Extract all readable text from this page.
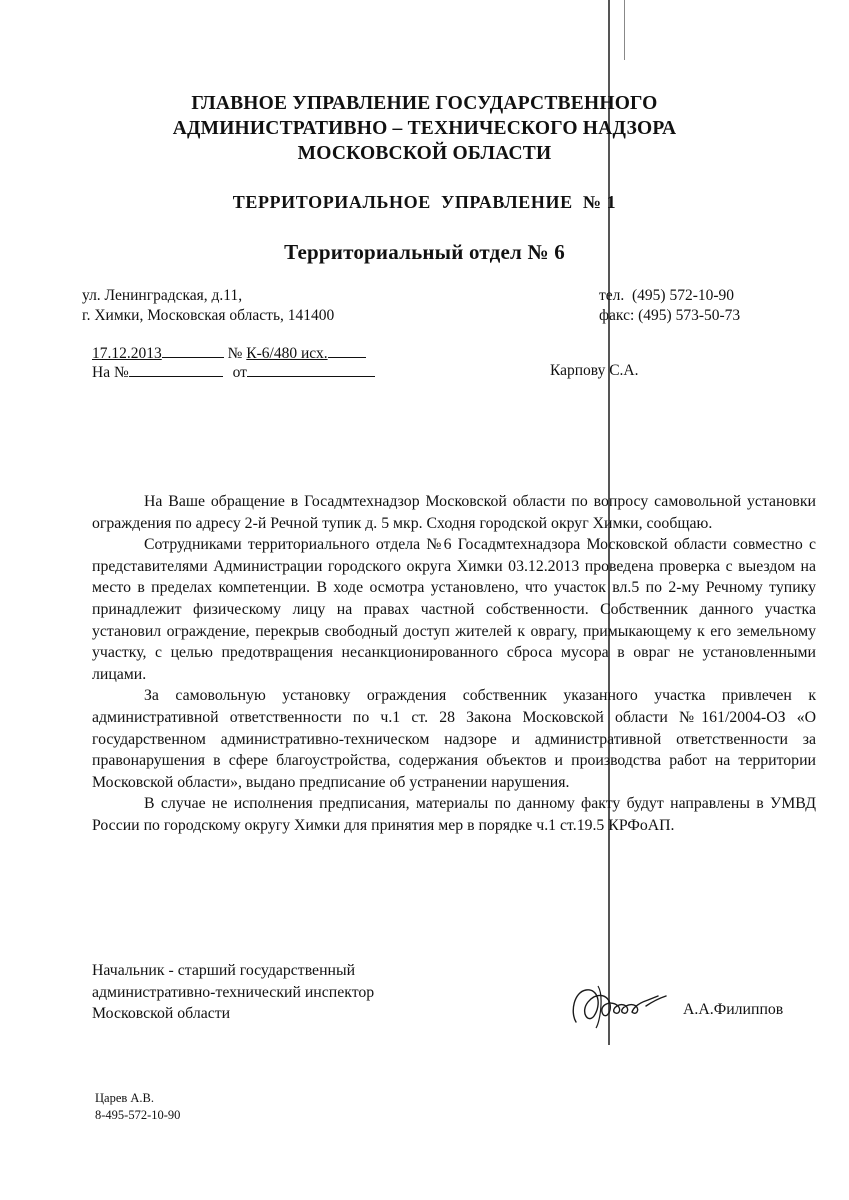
ГЛАВНОЕ УПРАВЛЕНИЕ ГОСУДАРСТВЕННОГО
АДМИНИСТРАТИВНО – ТЕХНИЧЕСКОГО НАДЗОРА
МОСКОВСКОЙ ОБЛАСТИ
ТЕРРИТОРИАЛЬНОЕ  УПРАВЛЕНИЕ  № 1
Территориальный отдел № 6
ул. Ленинградская, д.11,
г. Химки, Московская область, 141400
тел.  (495) 572-10-90
факс: (495) 573-50-73
17.12.2013	№ К-6/480 исх.
На №	от	Карпову С.А.

На Ваше обращение в Госадмтехнадзор Московской области по вопросу самовольной установки ограждения по адресу 2-й Речной тупик д. 5 мкр. Сходня городской округ Химки, сообщаю.

Сотрудниками территориального отдела №6 Госадмтехнадзора Московской области совместно с представителями Администрации городского округа Химки 03.12.2013 проведена проверка с выездом на место в пределах компетенции. В ходе осмотра установлено, что участок вл.5 по 2-му Речному тупику принадлежит физическому лицу на правах частной собственности. Собственник данного участка установил ограждение, перекрыв свободный доступ жителей к оврагу, примыкающему к его земельному участку, с целью предотвращения несанкционированного сброса мусора в овраг не установленными лицами.

За самовольную установку ограждения собственник указанного участка привлечен к административной ответственности по ч.1 ст. 28 Закона Московской области №161/2004-ОЗ «О государственном административно-техническом надзоре и административной ответственности за правонарушения в сфере благоустройства, содержания объектов и производства работ на территории Московской области», выдано предписание об устранении нарушения.

В случае не исполнения предписания, материалы по данному факту будут направлены в УМВД России по городскому округу Химки для принятия мер в порядке ч.1 ст.19.5 КРФоАП.

Начальник - старший государственный
административно-технический инспектор
Московской области	А.А.Филиппов
Царев А.В.
8-495-572-10-90
